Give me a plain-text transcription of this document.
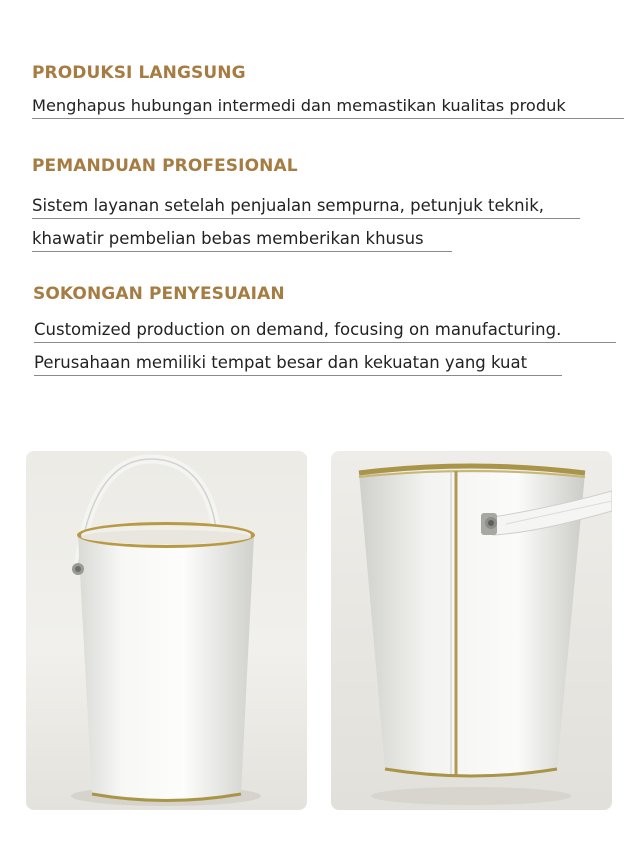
PRODUKSI LANGSUNG
Menghapus hubungan intermedi dan memastikan kualitas produk
PEMANDUAN PROFESIONAL
Sistem layanan setelah penjualan sempurna, petunjuk teknik,
khawatir pembelian bebas memberikan khusus
SOKONGAN PENYESUAIAN
Customized production on demand, focusing on manufacturing.
Perusahaan memiliki tempat besar dan kekuatan yang kuat
